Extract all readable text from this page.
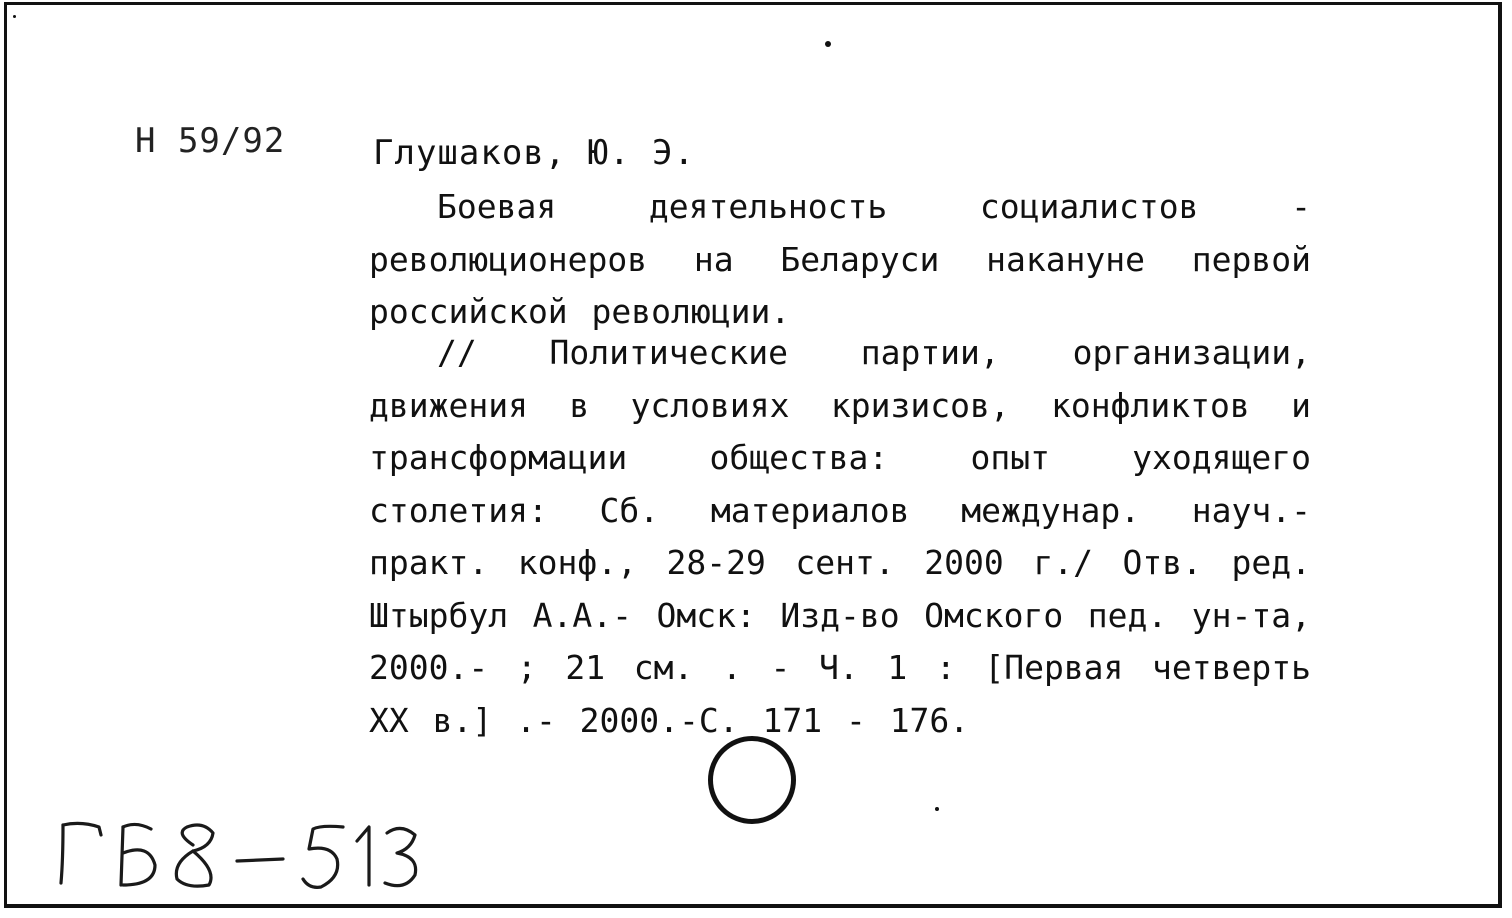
Н 59/92	Глушаков, Ю. Э.
Боевая деятельность социалистов - революционеров на Беларуси накануне первой российской революции.
// Политические партии, организации, движения в условиях кризисов, конфликтов и трансформации общества: опыт уходящего столетия: Сб. материалов междунар. науч.-практ. конф., 28-29 сент. 2000 г./ Отв. ред. Штырбул А.А.- Омск: Изд-во Омского пед. ун-та, 2000.- ; 21 см. . - Ч. 1 : [Первая четверть XX в.] .- 2000.-С. 171 - 176.
